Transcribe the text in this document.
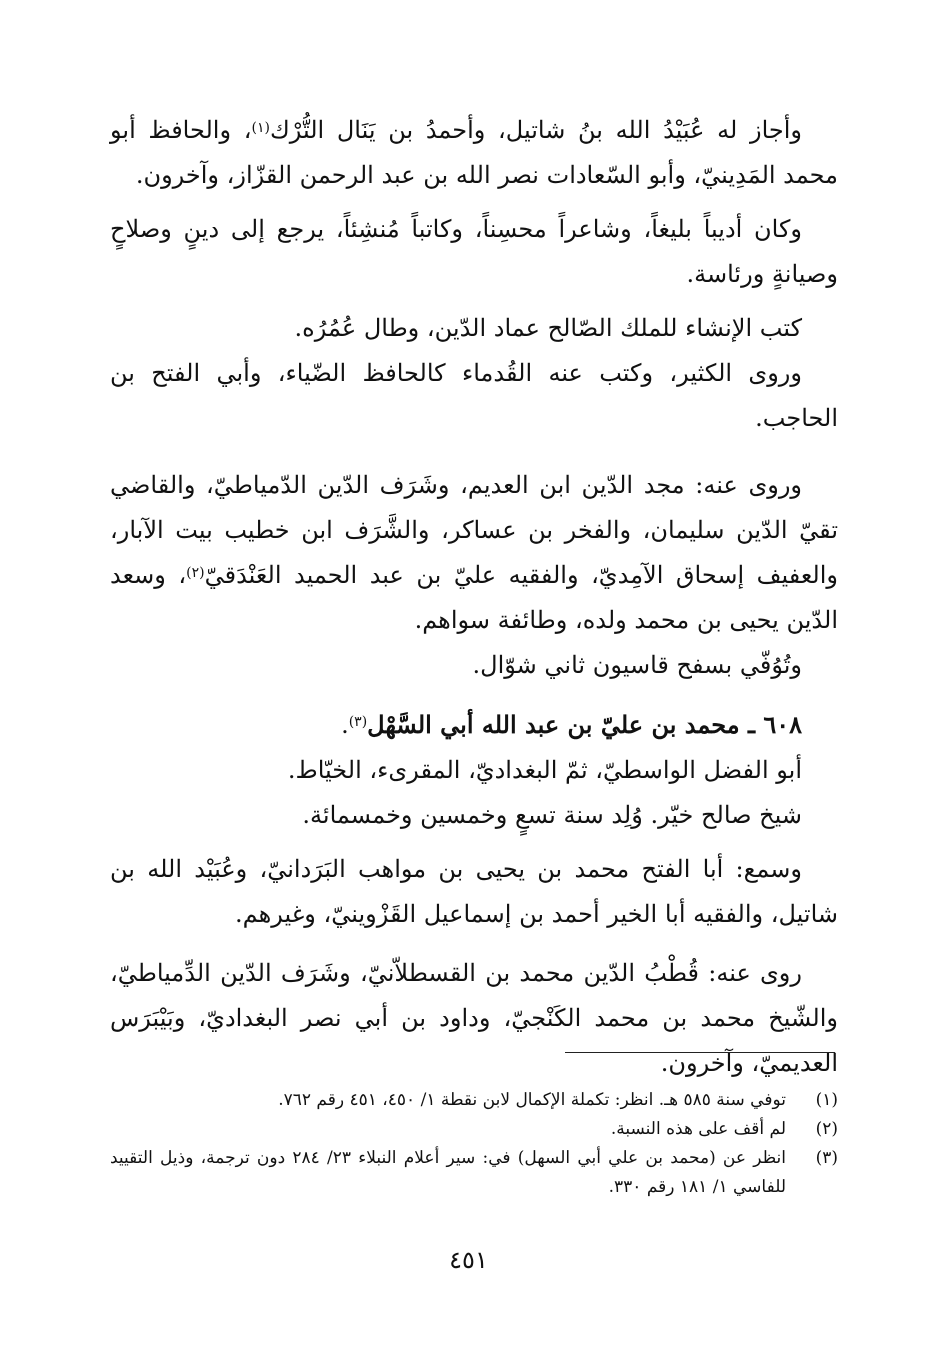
وأجاز له عُبَيْدُ الله بنُ شاتيل، وأحمدُ بن يَنَال التُّرْك$^{(١)}$، والحافظ أبو محمد المَدِينيّ، وأبو السّعادات نصر الله بن عبد الرحمن القزّاز، وآخرون.

وكان أديباً بليغاً، وشاعراً محسِناً، وكاتباً مُنشِئاً، يرجع إلى دينٍ وصلاحٍ وصيانةٍ ورئاسة.

كتب الإنشاء للملك الصّالح عماد الدّين، وطال عُمُرُه.

وروى الكثير، وكتب عنه القُدماء كالحافظ الضّياء، وأبي الفتح بن الحاجب.

وروى عنه: مجد الدّين ابن العديم، وشَرَف الدّين الدّمياطيّ، والقاضي تقيّ الدّين سليمان، والفخر بن عساكر، والشَّرَف ابن خطيب بيت الآبار، والعفيف إسحاق الآمِديّ، والفقيه عليّ بن عبد الحميد العَنْدَقيّ$^{(٢)}$، وسعد الدّين يحيى بن محمد ولده، وطائفة سواهم.

وتُوُفّي بسفح قاسيون ثاني شوّال.

٦٠٨ ـ محمد بن عليّ بن عبد الله أبي السَّهْل$^{(٣)}$.

أبو الفضل الواسطيّ، ثمّ البغداديّ، المقرىء، الخيّاط.

شيخ صالح خيّر. وُلِد سنة تسعٍ وخمسين وخمسمائة.

وسمع: أبا الفتح محمد بن يحيى بن مواهب البَرَدانيّ، وعُبَيْد الله بن شاتيل، والفقيه أبا الخير أحمد بن إسماعيل القَزْوينيّ، وغيرهم.

روى عنه: قُطْبُ الدّين محمد بن القسطلاّنيّ، وشَرَف الدّين الدِّمياطيّ، والشّيخ محمد بن محمد الكَنْجيّ، وداود بن أبي نصر البغداديّ، وبَيْبَرَس العديميّ، وآخرون.

(١)
توفي سنة ٥٨٥ هـ. انظر: تكملة الإكمال لابن نقطة ١/ ٤٥٠، ٤٥١ رقم ٧٦٢.
(٢)
لم أقف على هذه النسبة.
(٣)
انظر عن (محمد بن علي أبي السهل) في: سير أعلام النبلاء ٢٣/ ٢٨٤ دون ترجمة، وذيل التقييد للفاسي ١/ ١٨١ رقم ٣٣٠.
٤٥١
